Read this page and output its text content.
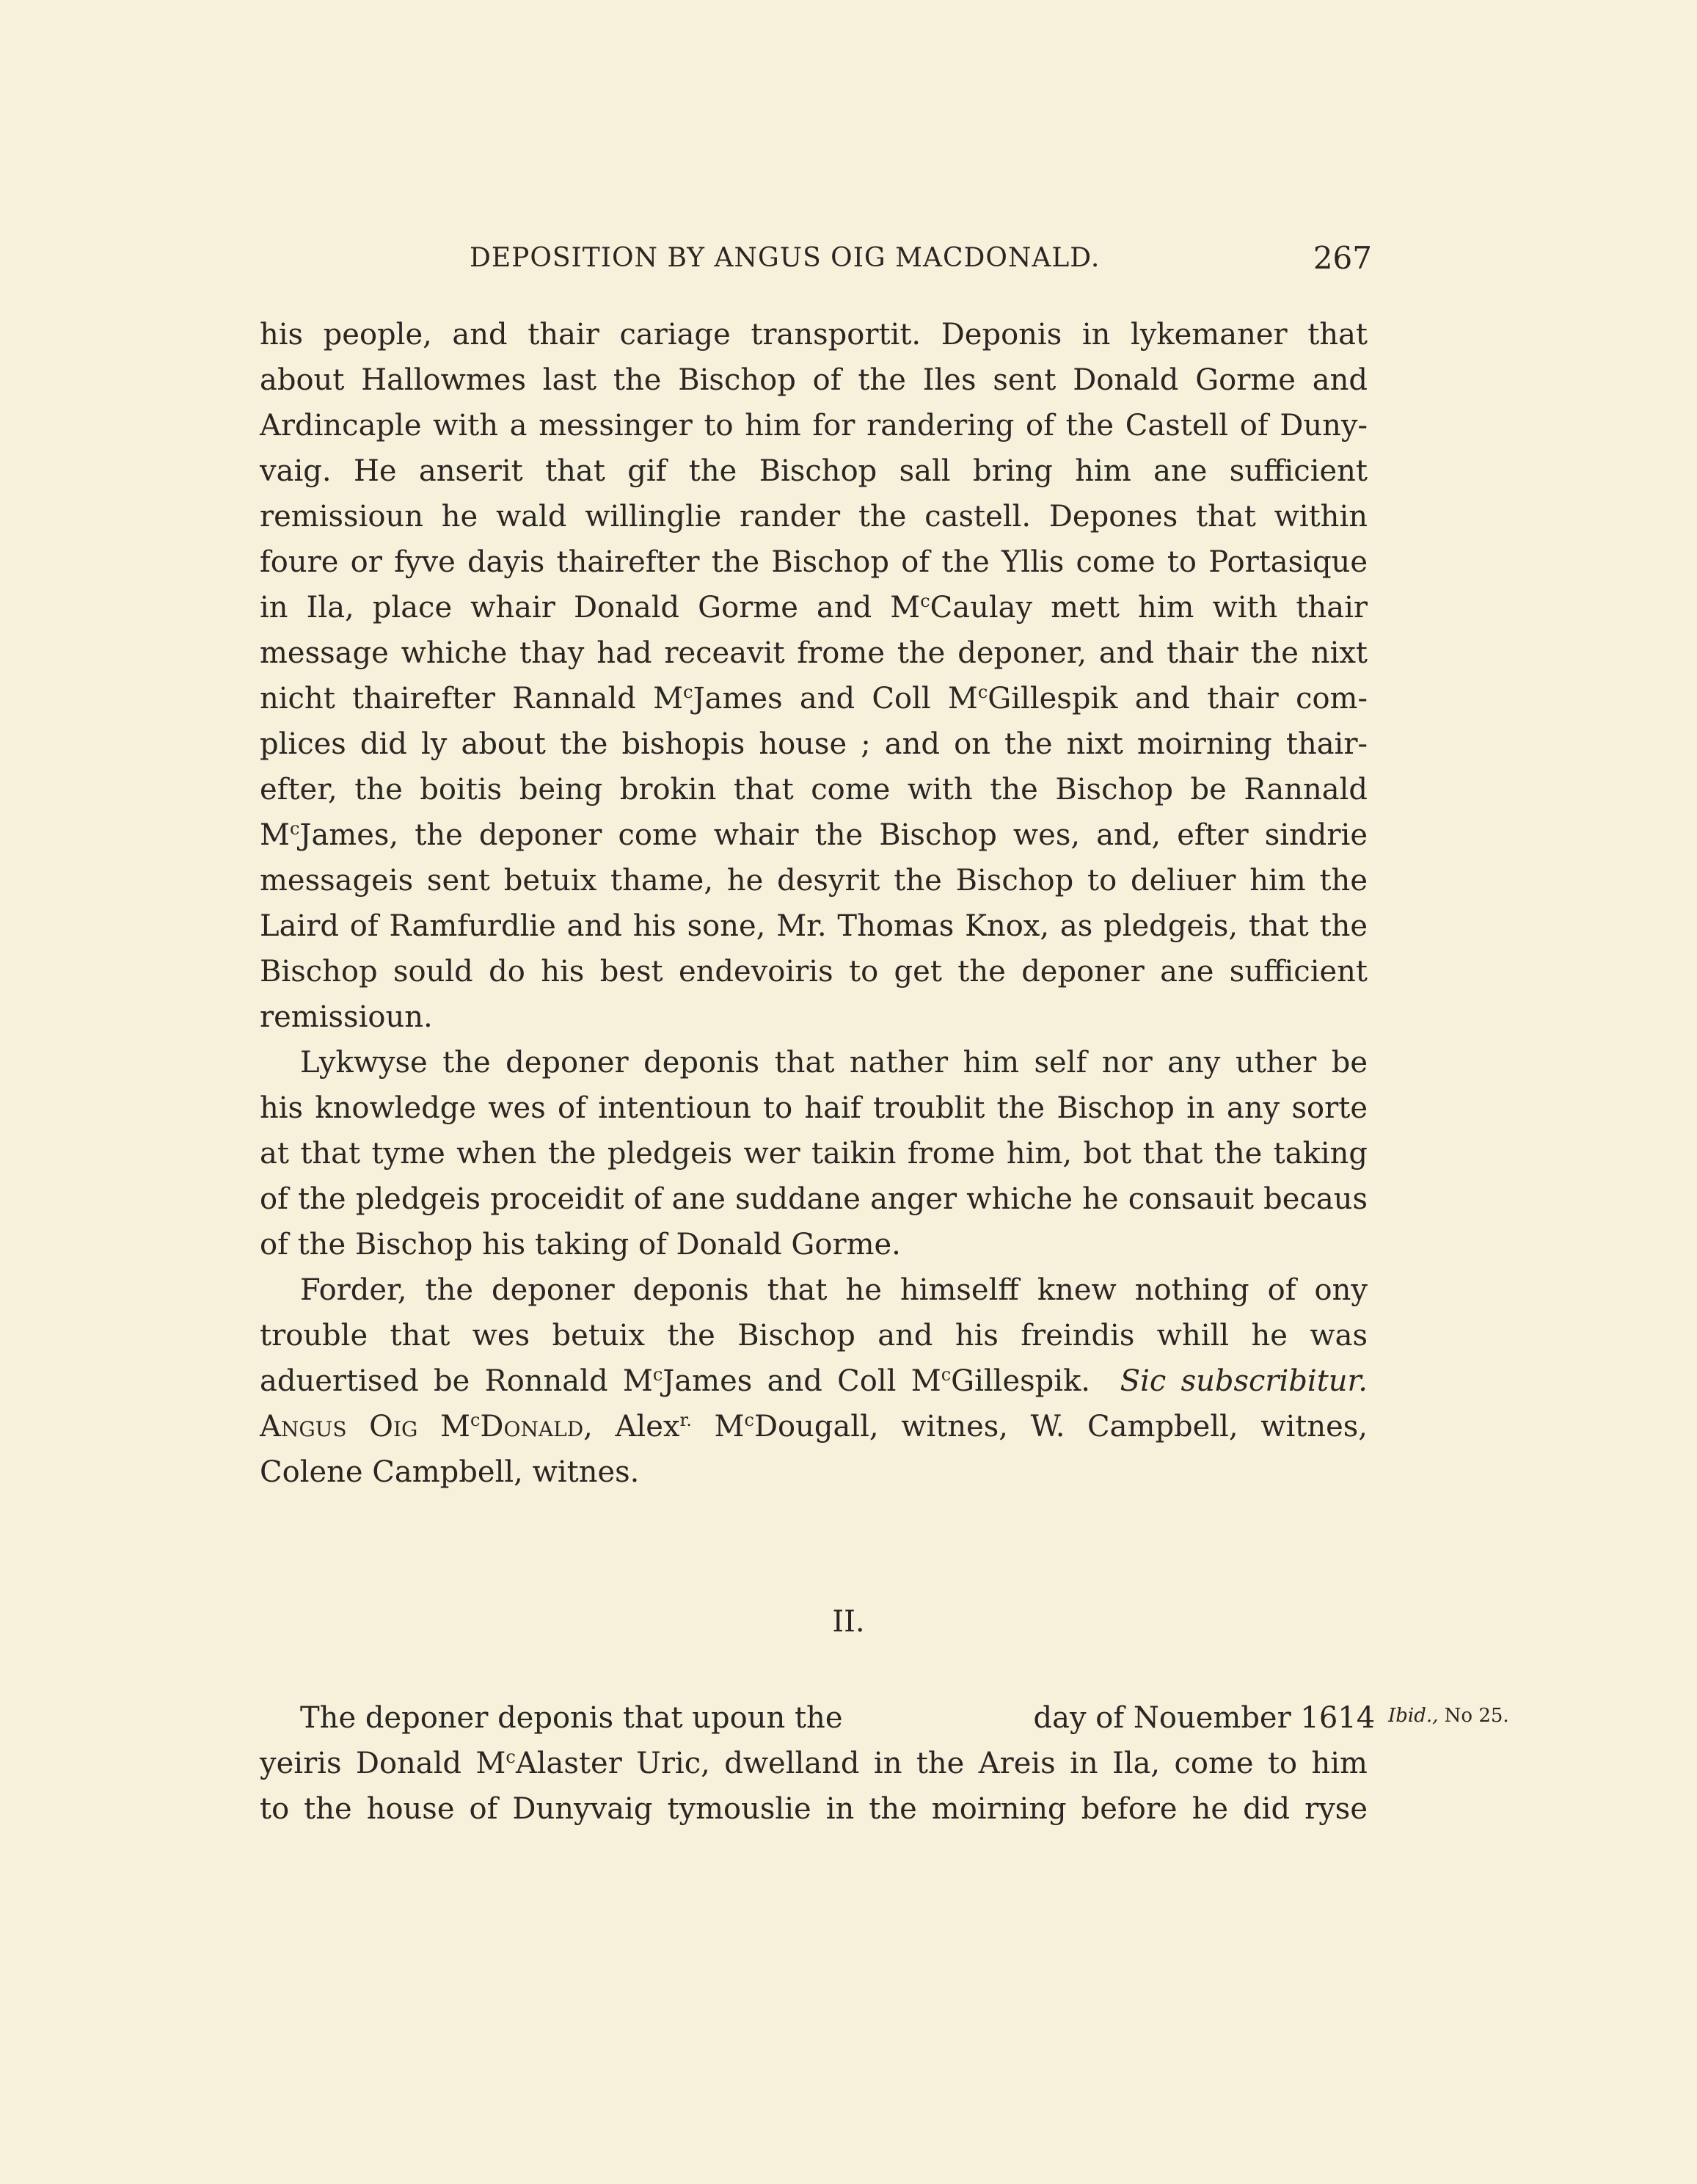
DEPOSITION BY ANGUS OIG MACDONALD.	267
his people, and thair cariage transportit. Deponis in lykemaner that
about Hallowmes last the Bischop of the Iles sent Donald Gorme and
Ardincaple with a messinger to him for randering of the Castell of Duny-
vaig. He anserit that gif the Bischop sall bring him ane sufficient
remissioun he wald willinglie rander the castell. Depones that within
foure or fyve dayis thairefter the Bischop of the Yllis come to Portasique
in Ila, place whair Donald Gorme and $M^cCaulay$ mett him with thair
message whiche thay had receavit frome the deponer, and thair the nixt
nicht thairefter Rannald $M^cJames$ and Coll $M^cGillespik$ and thair com-
plices did ly about the bishopis house ; and on the nixt moirning thair-
efter, the boitis being brokin that come with the Bischop be Rannald
$M^cJames$, the deponer come whair the Bischop wes, and, efter sindrie
messageis sent betuix thame, he desyrit the Bischop to deliuer him the
Laird of Ramfurdlie and his sone, Mr. Thomas Knox, as pledgeis, that the
Bischop sould do his best endevoiris to get the deponer ane sufficient
remissioun.
Lykwyse the deponer deponis that nather him self nor any uther be
his knowledge wes of intentioun to haif troublit the Bischop in any sorte
at that tyme when the pledgeis wer taikin frome him, bot that the taking
of the pledgeis proceidit of ane suddane anger whiche he consauit becaus
of the Bischop his taking of Donald Gorme.
Forder, the deponer deponis that he himselff knew nothing of ony
trouble that wes betuix the Bischop and his freindis whill he was
aduertised be Ronnald $M^cJames$ and Coll $M^cGillespik$. Sic subscribitur.
Angus Oig $M^cDonald$, Alex$^{r.}$ $M^cDougall$, witnes, W. Campbell, witnes,
Colene Campbell, witnes.
II.
The deponer deponis that upoun the	day of Nouember 1614
yeiris Donald $M^cAlaster$ Uric, dwelland in the Areis in Ila, come to him
to the house of Dunyvaig tymouslie in the moirning before he did ryse
Ibid., No 25.
